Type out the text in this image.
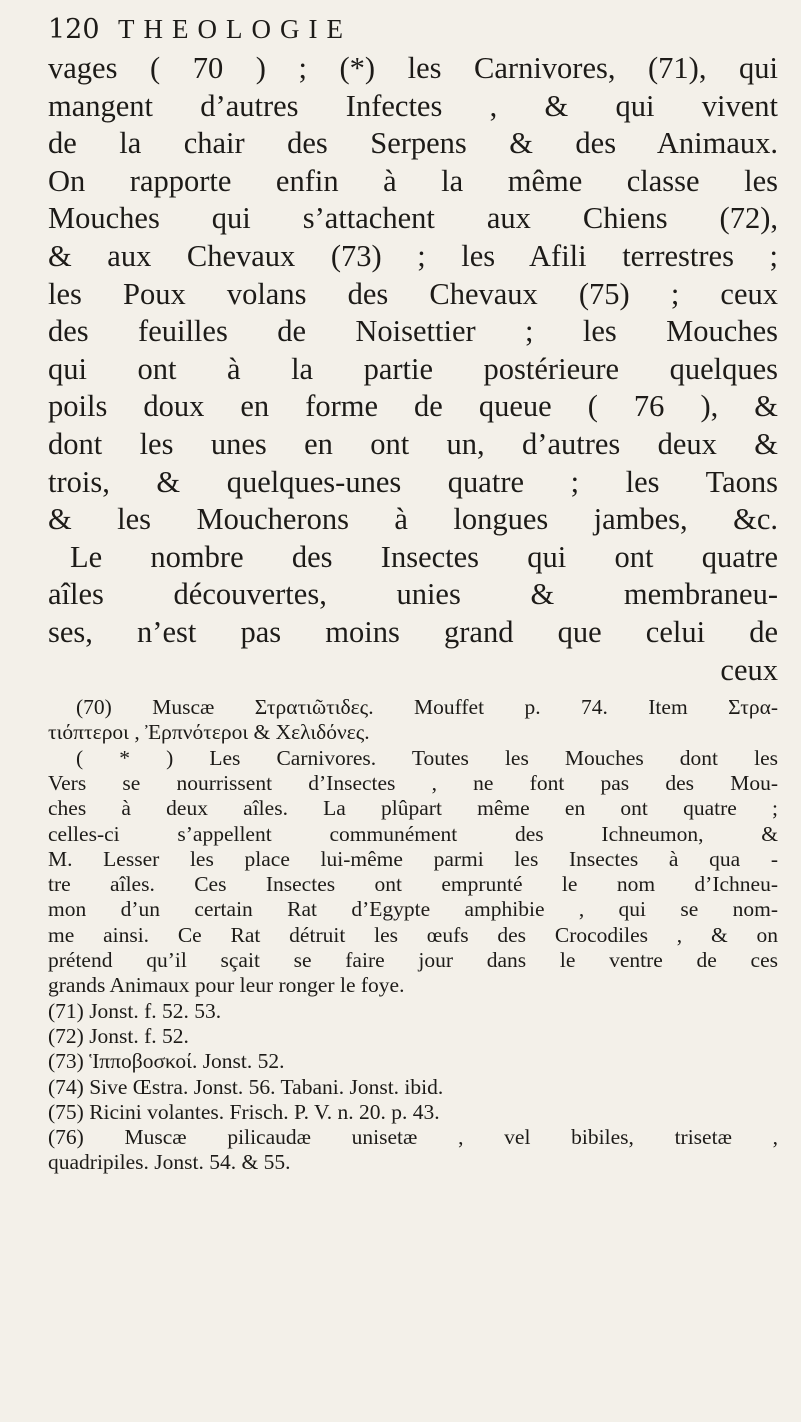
120 THEOLOGIE
vages ( 70 ) ; (*) les Carnivores, (71), qui
mangent d’autres Infectes , & qui vivent
de la chair des Serpens & des Animaux.
On rapporte enfin à la même classe les
Mouches qui s’attachent aux Chiens (72),
& aux Chevaux (73) ; les Afili terrestres ;
les Poux volans des Chevaux (75) ; ceux
des feuilles de Noisettier ; les Mouches
qui ont à la partie postérieure quelques
poils doux en forme de queue ( 76 ), &
dont les unes en ont un, d’autres deux &
trois, & quelques-unes quatre ; les Taons
& les Moucherons à longues jambes, &c.
Le nombre des Insectes qui ont quatre
aîles découvertes, unies & membraneu-
ses, n’est pas moins grand que celui de
ceux
(70) Muscæ Στρατιῶτιδες. Mouffet p. 74. Item Στρα-
τιόπτεροι , Ἐρπνότεροι & Χελιδόνες.
( * ) Les Carnivores. Toutes les Mouches dont les
Vers se nourrissent d’Insectes , ne font pas des Mou-
ches à deux aîles. La plûpart même en ont quatre ;
celles-ci s’appellent communément des Ichneumon, &
M. Lesser les place lui-même parmi les Insectes à qua -
tre aîles. Ces Insectes ont emprunté le nom d’Ichneu-
mon d’un certain Rat d’Egypte amphibie , qui se nom-
me ainsi. Ce Rat détruit les œufs des Crocodiles , & on
prétend qu’il sçait se faire jour dans le ventre de ces
grands Animaux pour leur ronger le foye.
(71) Jonst. f. 52. 53.
(72) Jonst. f. 52.
(73) Ἱπποβοσκοί. Jonst. 52.
(74) Sive Œstra. Jonst. 56. Tabani. Jonst. ibid.
(75) Ricini volantes. Frisch. P. V. n. 20. p. 43.
(76) Muscæ pilicaudæ unisetæ , vel bibiles, trisetæ ,
quadripiles. Jonst. 54. & 55.
